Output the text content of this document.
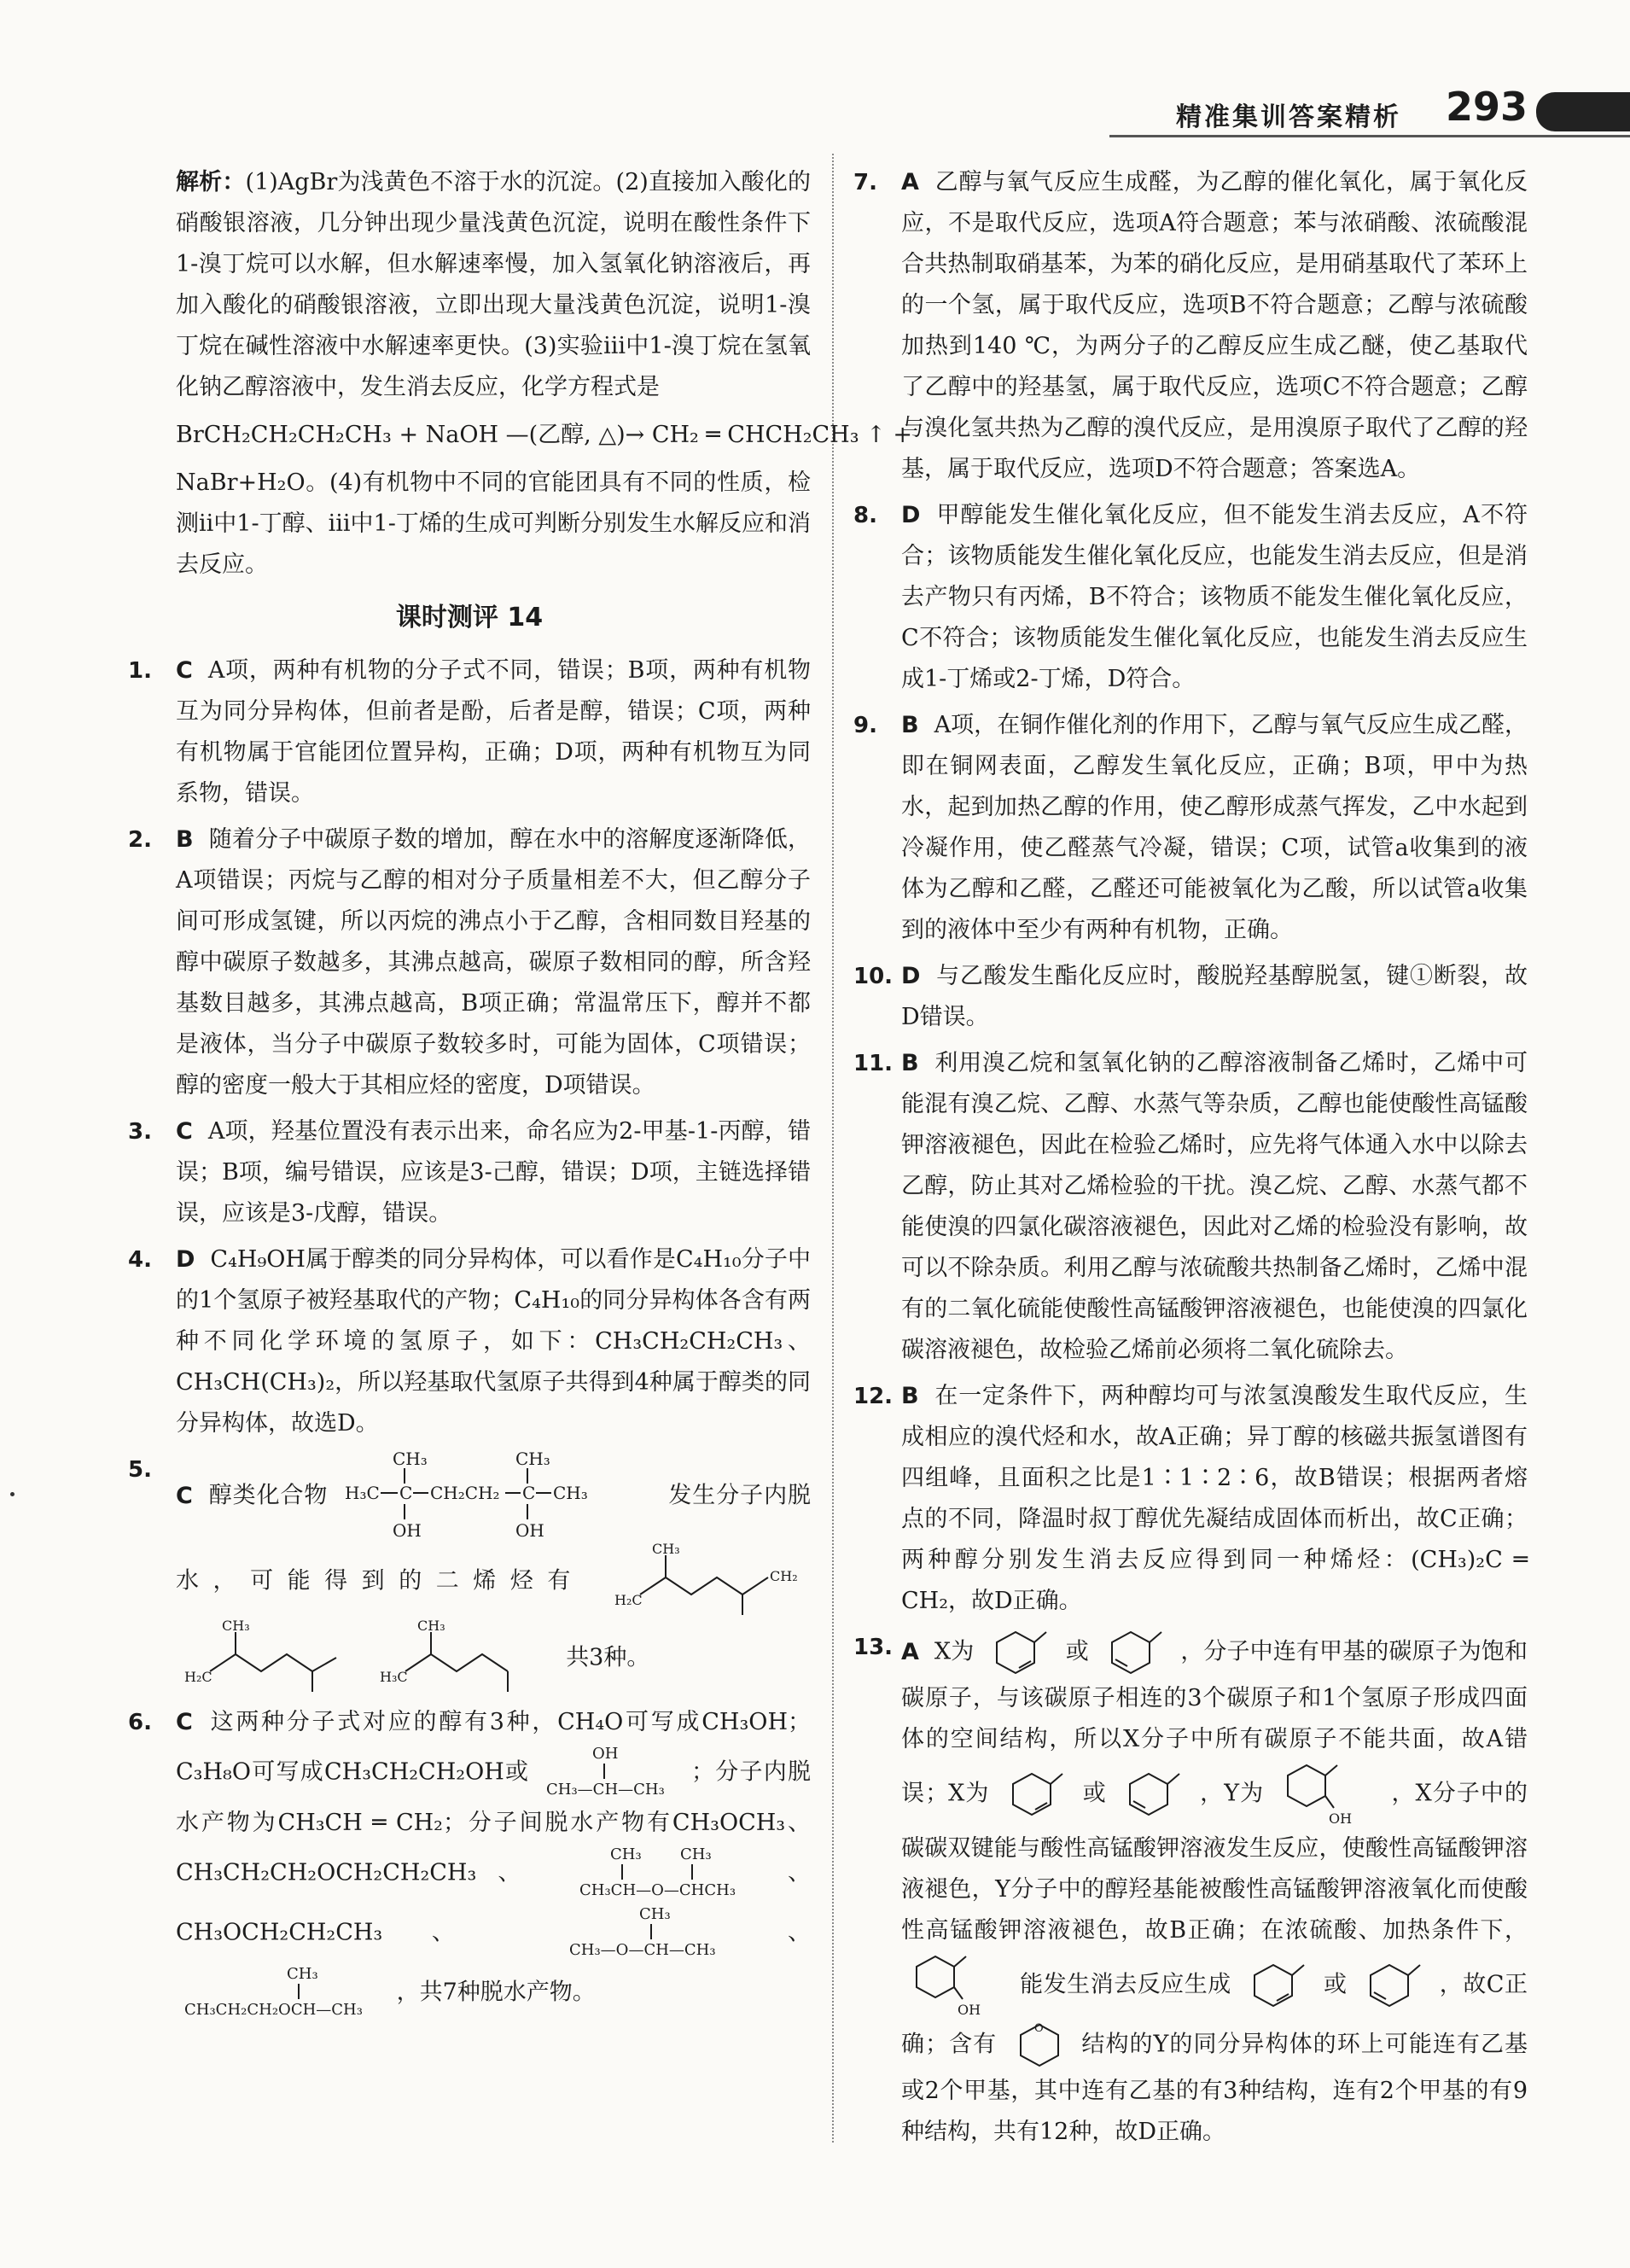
精准集训答案精析 293

解析：(1)AgBr为浅黄色不溶于水的沉淀。(2)直接加入酸化的硝酸银溶液，几分钟出现少量浅黄色沉淀，说明在酸性条件下1-溴丁烷可以水解，但水解速率慢，加入氢氧化钠溶液后，再加入酸化的硝酸银溶液，立即出现大量浅黄色沉淀，说明1-溴丁烷在碱性溶液中水解速率更快。(3)实验ⅲ中1-溴丁烷在氢氧化钠乙醇溶液中，发生消去反应，化学方程式是

BrCH₂CH₂CH₂CH₃ + NaOH —(乙醇, △)→ CH₂ ═ CHCH₂CH₃ ↑ +

NaBr+H₂O。(4)有机物中不同的官能团具有不同的性质，检测ⅱ中1-丁醇、ⅲ中1-丁烯的生成可判断分别发生水解反应和消去反应。

课时测评 14
1. C A项，两种有机物的分子式不同，错误；B项，两种有机物互为同分异构体，但前者是酚，后者是醇，错误；C项，两种有机物属于官能团位置异构，正确；D项，两种有机物互为同系物，错误。
2. B 随着分子中碳原子数的增加，醇在水中的溶解度逐渐降低，A项错误；丙烷与乙醇的相对分子质量相差不大，但乙醇分子间可形成氢键，所以丙烷的沸点小于乙醇，含相同数目羟基的醇中碳原子数越多，其沸点越高，碳原子数相同的醇，所含羟基数目越多，其沸点越高，B项正确；常温常压下，醇并不都是液体，当分子中碳原子数较多时，可能为固体，C项错误；醇的密度一般大于其相应烃的密度，D项错误。
3. C A项，羟基位置没有表示出来，命名应为2-甲基-1-丙醇，错误；B项，编号错误，应该是3-己醇，错误；D项，主链选择错误，应该是3-戊醇，错误。
4. D C₄H₉OH属于醇类的同分异构体，可以看作是C₄H₁₀分子中的1个氢原子被羟基取代的产物；C₄H₁₀的同分异构体各含有两种不同化学环境的氢原子，如下：CH₃CH₂CH₂CH₃、CH₃CH(CH₃)₂，所以羟基取代氢原子共得到4种属于醇类的同分异构体，故选D。
5.
C 醇类化合物 H₃C C
CH₃
OH
CH₂CH₂ C
CH₃
OH
CH₃	发生分子内脱水，可能得到的二烯烃有
H₂C
CH₃
CH₂

H₂C
CH₃

H₃C
CH₃
共3种。
6. C 这两种分子式对应的醇有3种，CH₄O可写成CH₃OH；C₃H₈O可写成CH₃CH₂CH₂OH或
CH₃—CH—CH₃
OH
；分子内脱水产物为CH₃CH ═ CH₂；分子间脱水产物有CH₃OCH₃、CH₃CH₂CH₂OCH₂CH₂CH₃、
CH₃CH—O—CHCH₃
CH₃	CH₃
、CH₃OCH₂CH₂CH₃、
CH₃—O—CH—CH₃
CH₃
、
CH₃CH₂CH₂OCH—CH₃
CH₃
，共7种脱水产物。
7. A 乙醇与氧气反应生成醛，为乙醇的催化氧化，属于氧化反应，不是取代反应，选项A符合题意；苯与浓硝酸、浓硫酸混合共热制取硝基苯，为苯的硝化反应，是用硝基取代了苯环上的一个氢，属于取代反应，选项B不符合题意；乙醇与浓硫酸加热到140 ℃，为两分子的乙醇反应生成乙醚，使乙基取代了乙醇中的羟基氢，属于取代反应，选项C不符合题意；乙醇与溴化氢共热为乙醇的溴代反应，是用溴原子取代了乙醇的羟基，属于取代反应，选项D不符合题意；答案选A。
8. D 甲醇能发生催化氧化反应，但不能发生消去反应，A不符合；该物质能发生催化氧化反应，也能发生消去反应，但是消去产物只有丙烯，B不符合；该物质不能发生催化氧化反应，C不符合；该物质能发生催化氧化反应，也能发生消去反应生成1-丁烯或2-丁烯，D符合。
9. B A项，在铜作催化剂的作用下，乙醇与氧气反应生成乙醛，即在铜网表面，乙醇发生氧化反应，正确；B项，甲中为热水，起到加热乙醇的作用，使乙醇形成蒸气挥发，乙中水起到冷凝作用，使乙醛蒸气冷凝，错误；C项，试管a收集到的液体为乙醇和乙醛，乙醛还可能被氧化为乙酸，所以试管a收集到的液体中至少有两种有机物，正确。
10. D 与乙酸发生酯化反应时，酸脱羟基醇脱氢，键①断裂，故D错误。
11. B 利用溴乙烷和氢氧化钠的乙醇溶液制备乙烯时，乙烯中可能混有溴乙烷、乙醇、水蒸气等杂质，乙醇也能使酸性高锰酸钾溶液褪色，因此在检验乙烯时，应先将气体通入水中以除去乙醇，防止其对乙烯检验的干扰。溴乙烷、乙醇、水蒸气都不能使溴的四氯化碳溶液褪色，因此对乙烯的检验没有影响，故可以不除杂质。利用乙醇与浓硫酸共热制备乙烯时，乙烯中混有的二氧化硫能使酸性高锰酸钾溶液褪色，也能使溴的四氯化碳溶液褪色，故检验乙烯前必须将二氧化硫除去。
12. B 在一定条件下，两种醇均可与浓氢溴酸发生取代反应，生成相应的溴代烃和水，故A正确；异丁醇的核磁共振氢谱图有四组峰，且面积之比是1∶1∶2∶6，故B错误；根据两者熔点的不同，降温时叔丁醇优先凝结成固体而析出，故C正确；两种醇分别发生消去反应得到同一种烯烃：(CH₃)₂C ═ CH₂，故D正确。
13. A X为	或	，分子中连有甲基的碳原子为饱和碳原子，与该碳原子相连的3个碳原子和1个氢原子形成四面体的空间结构，所以X分子中所有碳原子不能共面，故A错误；X为	或	，Y为
OH
，X分子中的碳碳双键能与酸性高锰酸钾溶液发生反应，使酸性高锰酸钾溶液褪色，Y分子中的醇羟基能被酸性高锰酸钾溶液氧化而使酸性高锰酸钾溶液褪色，故B正确；在浓硫酸、加热条件下，
OH
能发生消去反应生成	或	，故C正确；含有
O
结构的Y的同分异构体的环上可能连有乙基或2个甲基，其中连有乙基的有3种结构，连有2个甲基的有9种结构，共有12种，故D正确。
